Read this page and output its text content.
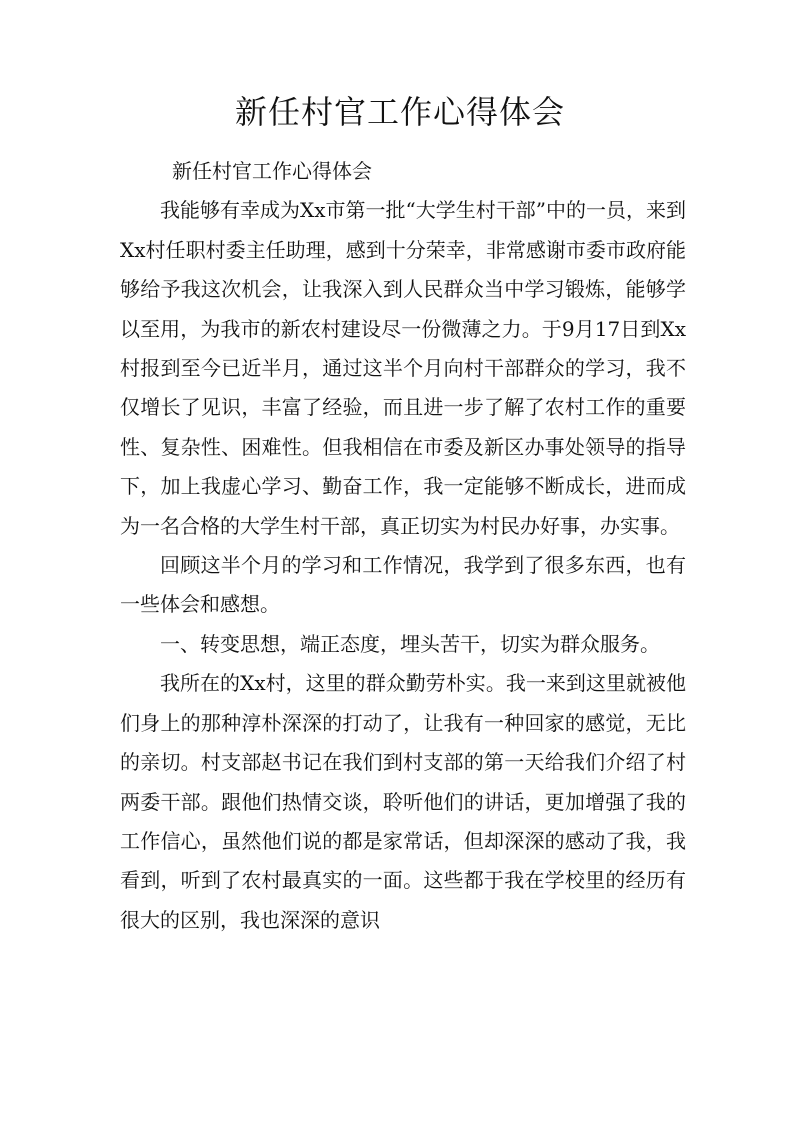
新任村官工作心得体会

新任村官工作心得体会

我能够有幸成为Xx市第一批“大学生村干部”中的一员，来到Xx村任职村委主任助理，感到十分荣幸，非常感谢市委市政府能够给予我这次机会，让我深入到人民群众当中学习锻炼，能够学以至用，为我市的新农村建设尽一份微薄之力。于9月17日到Xx村报到至今已近半月，通过这半个月向村干部群众的学习，我不仅增长了见识，丰富了经验，而且进一步了解了农村工作的重要性、复杂性、困难性。但我相信在市委及新区办事处领导的指导下，加上我虚心学习、勤奋工作，我一定能够不断成长，进而成为一名合格的大学生村干部，真正切实为村民办好事，办实事。

回顾这半个月的学习和工作情况，我学到了很多东西，也有一些体会和感想。

一、转变思想，端正态度，埋头苦干，切实为群众服务。

我所在的Xx村，这里的群众勤劳朴实。我一来到这里就被他们身上的那种淳朴深深的打动了，让我有一种回家的感觉，无比的亲切。村支部赵书记在我们到村支部的第一天给我们介绍了村两委干部。跟他们热情交谈，聆听他们的讲话，更加增强了我的工作信心，虽然他们说的都是家常话，但却深深的感动了我，我看到，听到了农村最真实的一面。这些都于我在学校里的经历有很大的区别，我也深深的意识
